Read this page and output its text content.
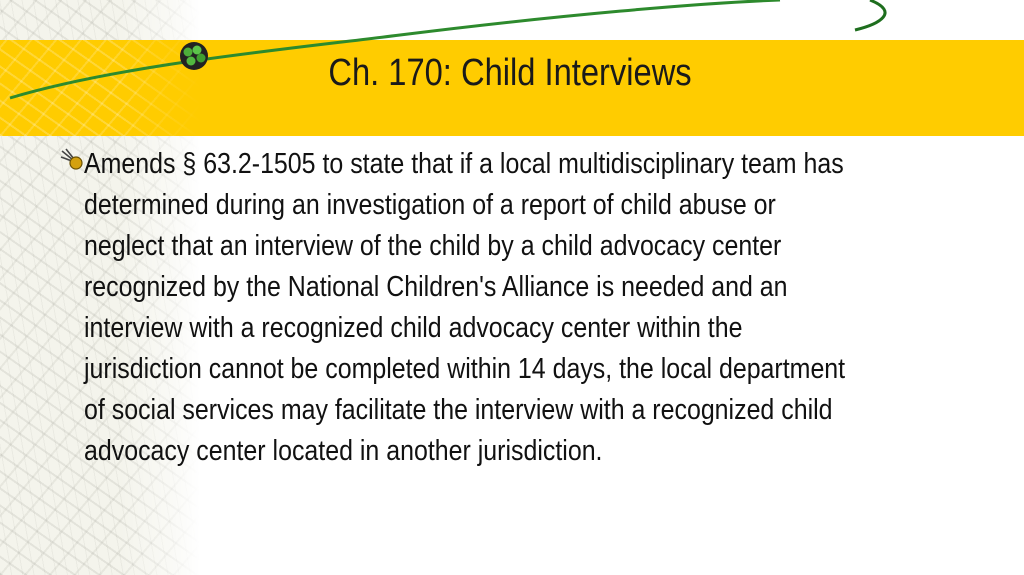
Ch. 170: Child Interviews

Amends § 63.2-1505 to state that if a local multidisciplinary team has determined during an investigation of a report of child abuse or neglect that an interview of the child by a child advocacy center recognized by the National Children's Alliance is needed and an interview with a recognized child advocacy center within the jurisdiction cannot be completed within 14 days, the local department of social services may facilitate the interview with a recognized child advocacy center located in another jurisdiction.
